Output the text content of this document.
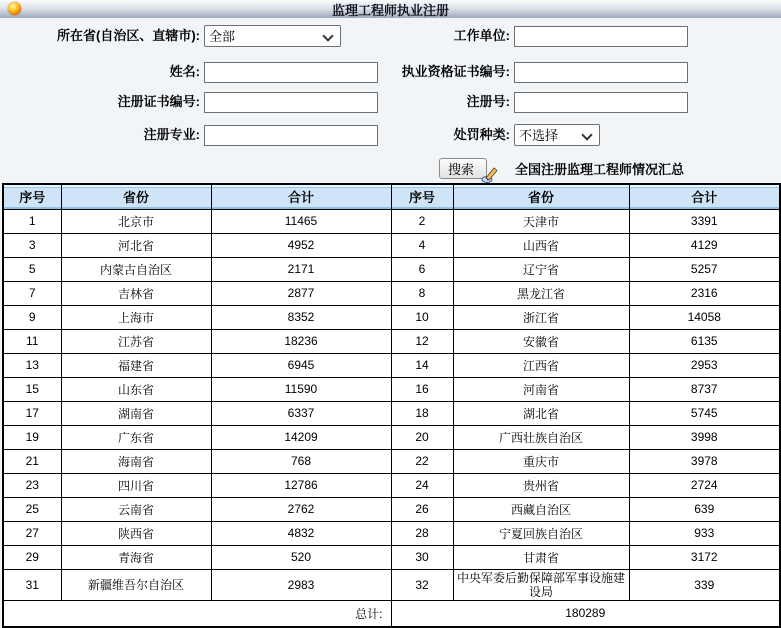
监理工程师执业注册
所在省(自治区、直辖市):
全部	工作单位:
姓名:	执业资格证书编号:
注册证书编号:	注册号:
注册专业:	处罚种类:
不选择
搜索	全国注册监理工程师情况汇总
序号	省份	合计	序号	省份	合计
1	北京市	11465	2	天津市	3391
3	河北省	4952	4	山西省	4129
5	内蒙古自治区	2171	6	辽宁省	5257
7	吉林省	2877	8	黑龙江省	2316
9	上海市	8352	10	浙江省	14058
11	江苏省	18236	12	安徽省	6135
13	福建省	6945	14	江西省	2953
15	山东省	11590	16	河南省	8737
17	湖南省	6337	18	湖北省	5745
19	广东省	14209	20	广西壮族自治区	3998
21	海南省	768	22	重庆市	3978
23	四川省	12786	24	贵州省	2724
25	云南省	2762	26	西藏自治区	639
27	陕西省	4832	28	宁夏回族自治区	933
29	青海省	520	30	甘肃省	3172
31	新疆维吾尔自治区	2983	32	中央军委后勤保障部军事设施建设局	339
总计:			180289		
